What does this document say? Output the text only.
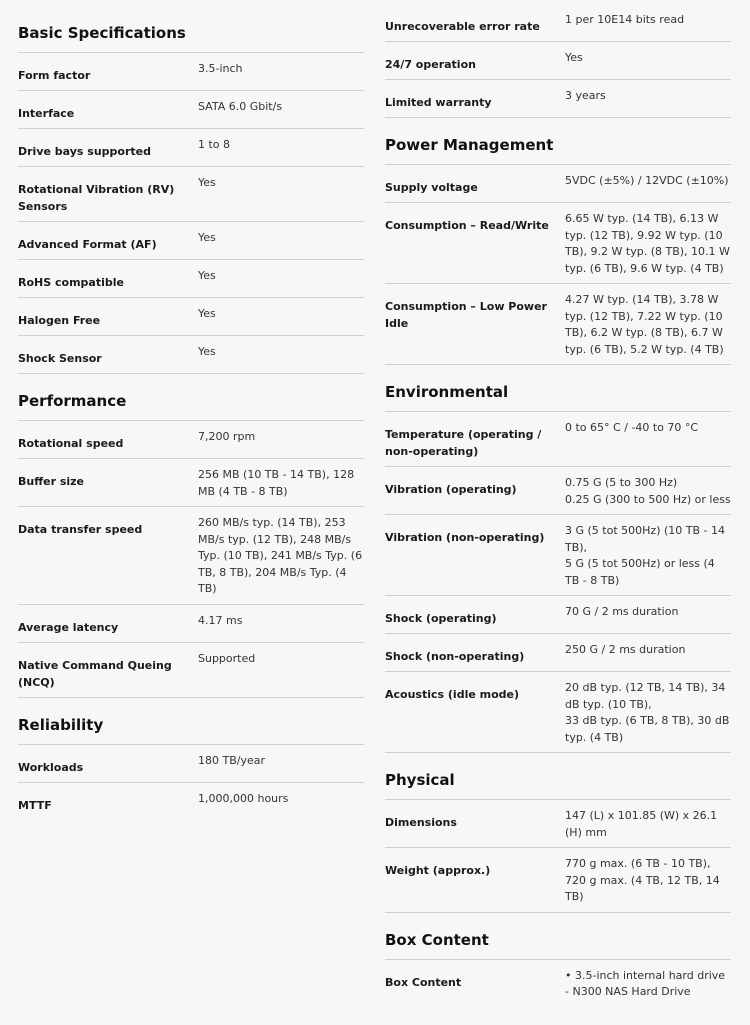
Basic Specifications
Form factor
3.5-inch
Interface
SATA 6.0 Gbit/s
Drive bays supported
1 to 8
Rotational Vibration (RV) Sensors
Yes
Advanced Format (AF)
Yes
RoHS compatible
Yes
Halogen Free
Yes
Shock Sensor
Yes
Performance
Rotational speed
7,200 rpm
Buffer size
256 MB (10 TB - 14 TB), 128 MB (4 TB - 8 TB)
Data transfer speed
260 MB/s typ. (14 TB), 253 MB/s typ. (12 TB), 248 MB/s Typ. (10 TB), 241 MB/s Typ. (6 TB, 8 TB), 204 MB/s Typ. (4 TB)
Average latency
4.17 ms
Native Command Queing (NCQ)
Supported
Reliability
Workloads
180 TB/year
MTTF
1,000,000 hours
Unrecoverable error rate
1 per 10E14 bits read
24/7 operation
Yes
Limited warranty
3 years
Power Management
Supply voltage
5VDC (±5%) / 12VDC (±10%)
Consumption – Read/Write
6.65 W typ. (14 TB), 6.13 W typ. (12 TB), 9.92 W typ. (10 TB), 9.2 W typ. (8 TB), 10.1 W typ. (6 TB), 9.6 W typ. (4 TB)
Consumption – Low Power Idle
4.27 W typ. (14 TB), 3.78 W typ. (12 TB), 7.22 W typ. (10 TB), 6.2 W typ. (8 TB), 6.7 W typ. (6 TB), 5.2 W typ. (4 TB)
Environmental
Temperature (operating / non-operating)
0 to 65° C / -40 to 70 °C
Vibration (operating)
0.75 G (5 to 300 Hz)
0.25 G (300 to 500 Hz) or less
Vibration (non-operating)
3 G (5 tot 500Hz) (10 TB - 14 TB),
5 G (5 tot 500Hz) or less (4 TB - 8 TB)
Shock (operating)
70 G / 2 ms duration
Shock (non-operating)
250 G / 2 ms duration
Acoustics (idle mode)
20 dB typ. (12 TB, 14 TB), 34 dB typ. (10 TB),
33 dB typ. (6 TB, 8 TB), 30 dB typ. (4 TB)
Physical
Dimensions
147 (L) x 101.85 (W) x 26.1 (H) mm
Weight (approx.)
770 g max. (6 TB - 10 TB), 720 g max. (4 TB, 12 TB, 14 TB)
Box Content
Box Content
• 3.5-inch internal hard drive - N300 NAS Hard Drive
